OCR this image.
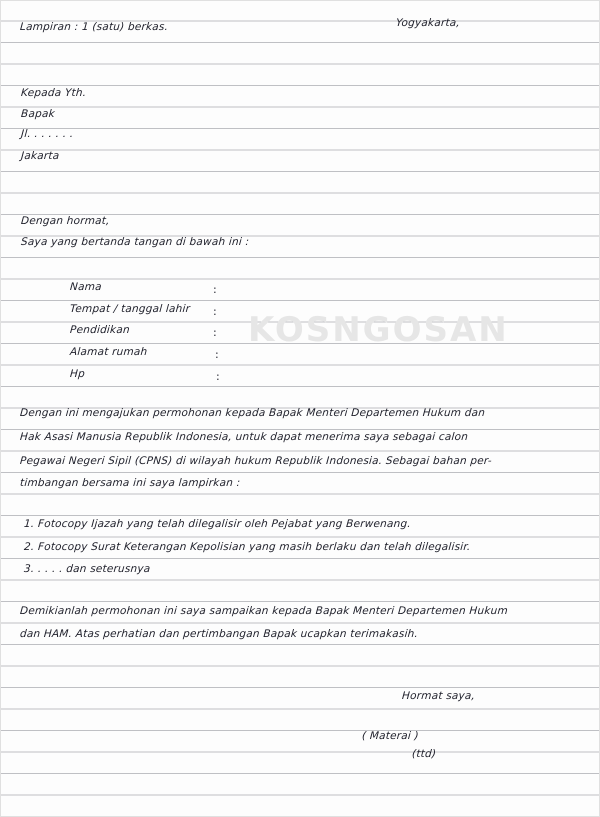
KOSNGOSAN
Lampiran : 1 (satu) berkas.	Yogyakarta,
Kepada Yth.
Bapak
Jl. . . . . . .
Jakarta
Dengan hormat,
Saya yang bertanda tangan di bawah ini :
Nama	:
Tempat / tanggal lahir :
Pendidikan	:
Alamat rumah	:
Hp	:
Dengan ini mengajukan permohonan kepada Bapak Menteri Departemen Hukum dan
Hak Asasi Manusia Republik Indonesia, untuk dapat menerima saya sebagai calon
Pegawai Negeri Sipil (CPNS) di wilayah hukum Republik Indonesia. Sebagai bahan per-
timbangan bersama ini saya lampirkan :
1. Fotocopy Ijazah yang telah dilegalisir oleh Pejabat yang Berwenang.
2. Fotocopy Surat Keterangan Kepolisian yang masih berlaku dan telah dilegalisir.
3. . . . . dan seterusnya
Demikianlah permohonan ini saya sampaikan kepada Bapak Menteri Departemen Hukum
dan HAM. Atas perhatian dan pertimbangan Bapak ucapkan terimakasih.
Hormat saya,
( Materai )
(ttd)
